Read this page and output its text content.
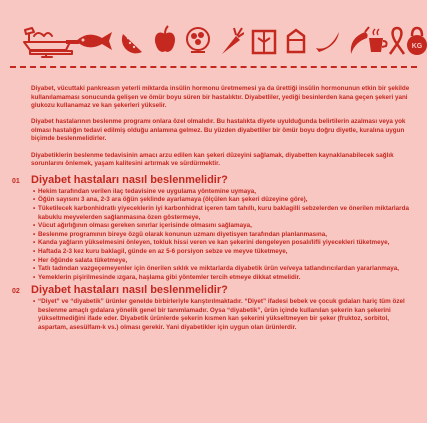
KG

Diyabet, vücuttaki pankreasın yeterli miktarda insülin hormonu üretmemesi ya da ürettiği insülin hormonunun etkin bir şekilde kullanılamaması sonucunda gelişen ve ömür boyu süren bir hastalıktır. Diyabetliler, yediği besinlerden kana geçen şekeri yani glukozu kullanamaz ve kan şekerleri yükselir.

Diyabet hastalarının beslenme programı onlara özel olmalıdır. Bu hastalıkta diyete uyulduğunda belirtilerin azalması veya yok olması hastalığın tedavi edilmiş olduğu anlamına gelmez. Bu yüzden diyabetliler bir ömür boyu doğru diyetle, kuralına uygun biçimde beslenmelidirler.

Diyabetiklerin beslenme tedavisinin amacı arzu edilen kan şekeri düzeyini sağlamak, diyabetten kaynaklanabilecek sağlık sorunlarını önlemek, yaşam kalitesini artırmak ve sürdürmektir.

01	Diyabet hastaları nasıl beslenmelidir?
• Hekim tarafından verilen ilaç tedavisine ve uygulama yöntemine uymaya,
• Öğün sayısını 3 ana, 2-3 ara öğün şeklinde ayarlamaya (ölçülen kan şekeri düzeyine göre),
• Tüketilecek karbonhidratlı yiyeceklerin iyi karbonhidrat içeren tam tahıllı, kuru baklagilli sebzelerden ve önerilen miktarlarda kabuklu meyvelerden sağlanmasına özen göstermeye,
• Vücut ağırlığının olması gereken sınırlar içerisinde olmasını sağlamaya,
• Beslenme programının bireye özgü olarak konunun uzmanı diyetisyen tarafından planlanmasına,
• Kanda yağların yükselmesini önleyen, tokluk hissi veren ve kan şekerini dengeleyen posalı/lifli yiyecekleri tüketmeye,
• Haftada 2-3 kez kuru baklagil, günde en az 5-6 porsiyon sebze ve meyve tüketmeye,
• Her öğünde salata tüketmeye,
• Tatlı tadından vazgeçemeyenler için önerilen sıklık ve miktarlarda diyabetik ürün ve/veya tatlandırıcılardan yararlanmaya,
• Yemeklerin pişirilmesinde ızgara, haşlama gibi yöntemler tercih etmeye dikkat etmelidir.
02	Diyabet hastaları nasıl beslenmelidir?
• “Diyet” ve “diyabetik” ürünler genelde birbirleriyle karıştırılmaktadır. “Diyet” ifadesi bebek ve çocuk gıdaları hariç tüm özel beslenme amaçlı gıdalara yönelik genel bir tanımlamadır. Oysa “diyabetik”, ürün içinde kullanılan şekerin kan şekerini yükseltmediğini ifade eder. Diyabetik ürünlerde şekerin kısmen kan şekerini yükseltmeyen bir şeker (fruktoz, sorbitol, aspartam, asesülfam-k vs.) olması gerekir. Yani diyabetikler için uygun olan ürünlerdir.
